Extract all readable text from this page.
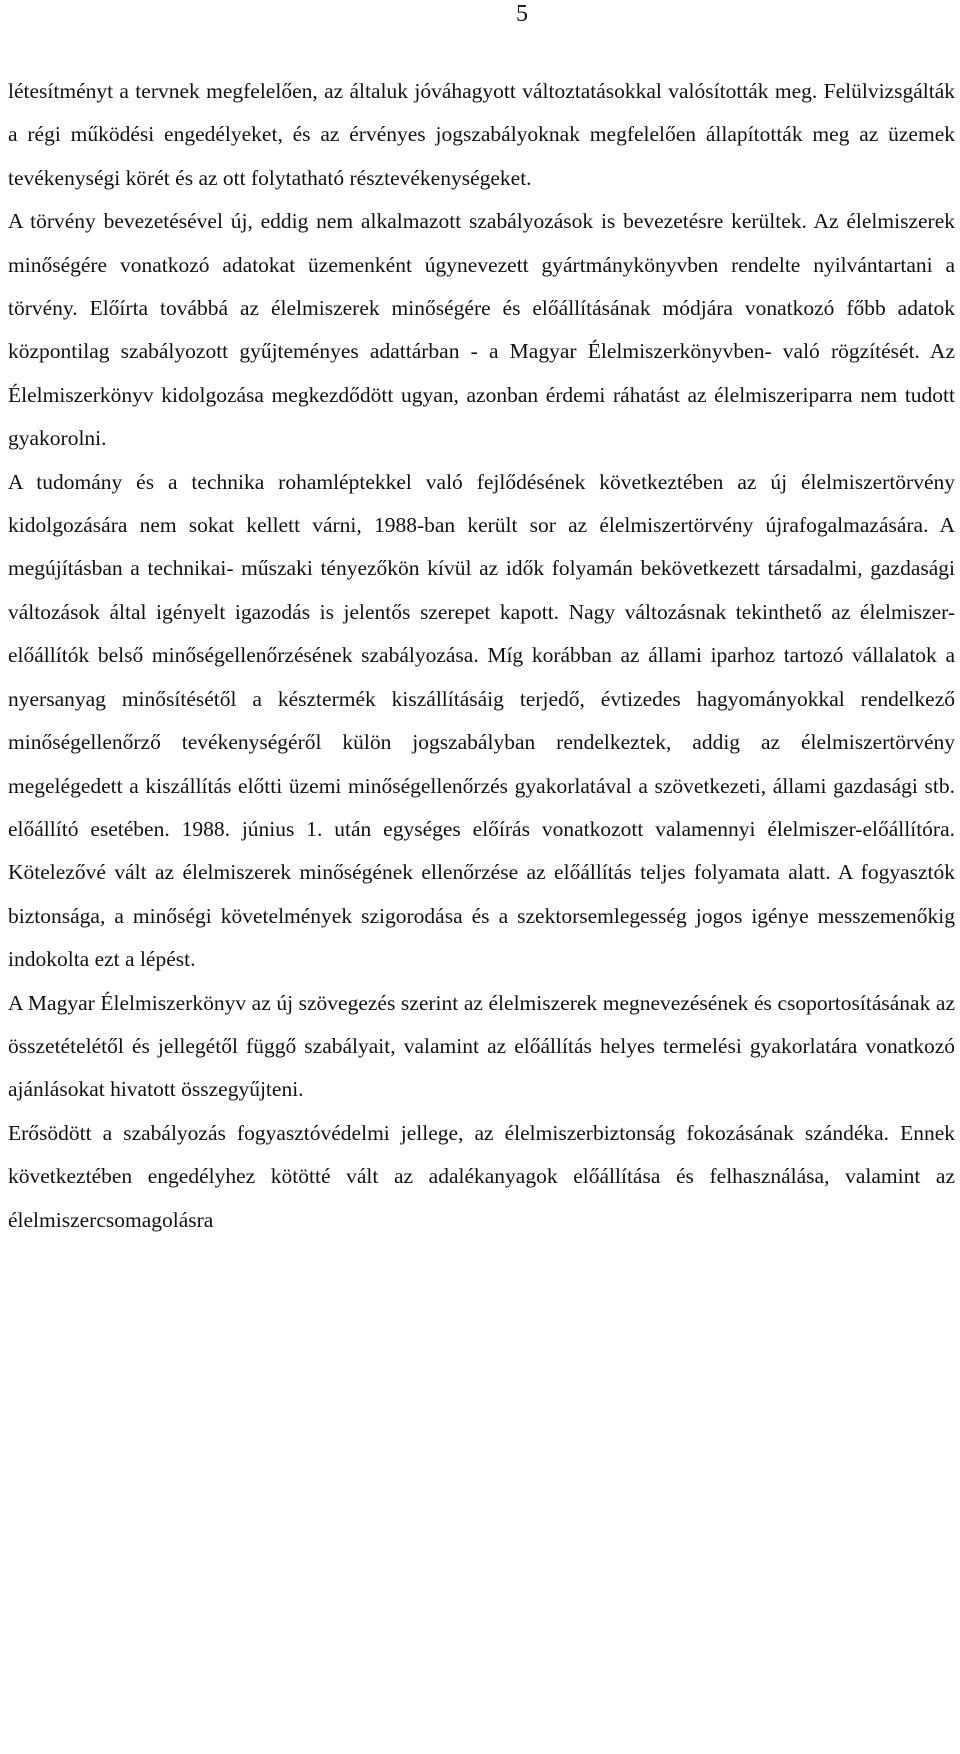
5

létesítményt a tervnek megfelelően, az általuk jóváhagyott változtatásokkal valósították meg. Felülvizsgálták a régi működési engedélyeket, és az érvényes jogszabályoknak megfelelően állapították meg az üzemek tevékenységi körét és az ott folytatható résztevékenységeket.

A törvény bevezetésével új, eddig nem alkalmazott szabályozások is bevezetésre kerültek. Az élelmiszerek minőségére vonatkozó adatokat üzemenként úgynevezett gyártmánykönyvben rendelte nyilvántartani a törvény. Előírta továbbá az élelmiszerek minőségére és előállításának módjára vonatkozó főbb adatok központilag szabályozott gyűjteményes adattárban - a Magyar Élelmiszerkönyvben- való rögzítését. Az Élelmiszerkönyv kidolgozása megkezdődött ugyan, azonban érdemi ráhatást az élelmiszeriparra nem tudott gyakorolni.

A tudomány és a technika rohamléptekkel való fejlődésének következtében az új élelmiszertörvény kidolgozására nem sokat kellett várni, 1988-ban került sor az élelmiszertörvény újrafogalmazására. A megújításban a technikai- műszaki tényezőkön kívül az idők folyamán bekövetkezett társadalmi, gazdasági változások által igényelt igazodás is jelentős szerepet kapott. Nagy változásnak tekinthető az élelmiszer-előállítók belső minőségellenőrzésének szabályozása. Míg korábban az állami iparhoz tartozó vállalatok a nyersanyag minősítésétől a késztermék kiszállításáig terjedő, évtizedes hagyományokkal rendelkező minőségellenőrző tevékenységéről külön jogszabályban rendelkeztek, addig az élelmiszertörvény megelégedett a kiszállítás előtti üzemi minőségellenőrzés gyakorlatával a szövetkezeti, állami gazdasági stb. előállító esetében. 1988. június 1. után egységes előírás vonatkozott valamennyi élelmiszer-előállítóra. Kötelezővé vált az élelmiszerek minőségének ellenőrzése az előállítás teljes folyamata alatt. A fogyasztók biztonsága, a minőségi követelmények szigorodása és a szektorsemlegesség jogos igénye messzemenőkig indokolta ezt a lépést.

A Magyar Élelmiszerkönyv az új szövegezés szerint az élelmiszerek megnevezésének és csoportosításának az összetételétől és jellegétől függő szabályait, valamint az előállítás helyes termelési gyakorlatára vonatkozó ajánlásokat hivatott összegyűjteni.

Erősödött a szabályozás fogyasztóvédelmi jellege, az élelmiszerbiztonság fokozásának szándéka. Ennek következtében engedélyhez kötötté vált az adalékanyagok előállítása és felhasználása, valamint az élelmiszercsomagolásra
